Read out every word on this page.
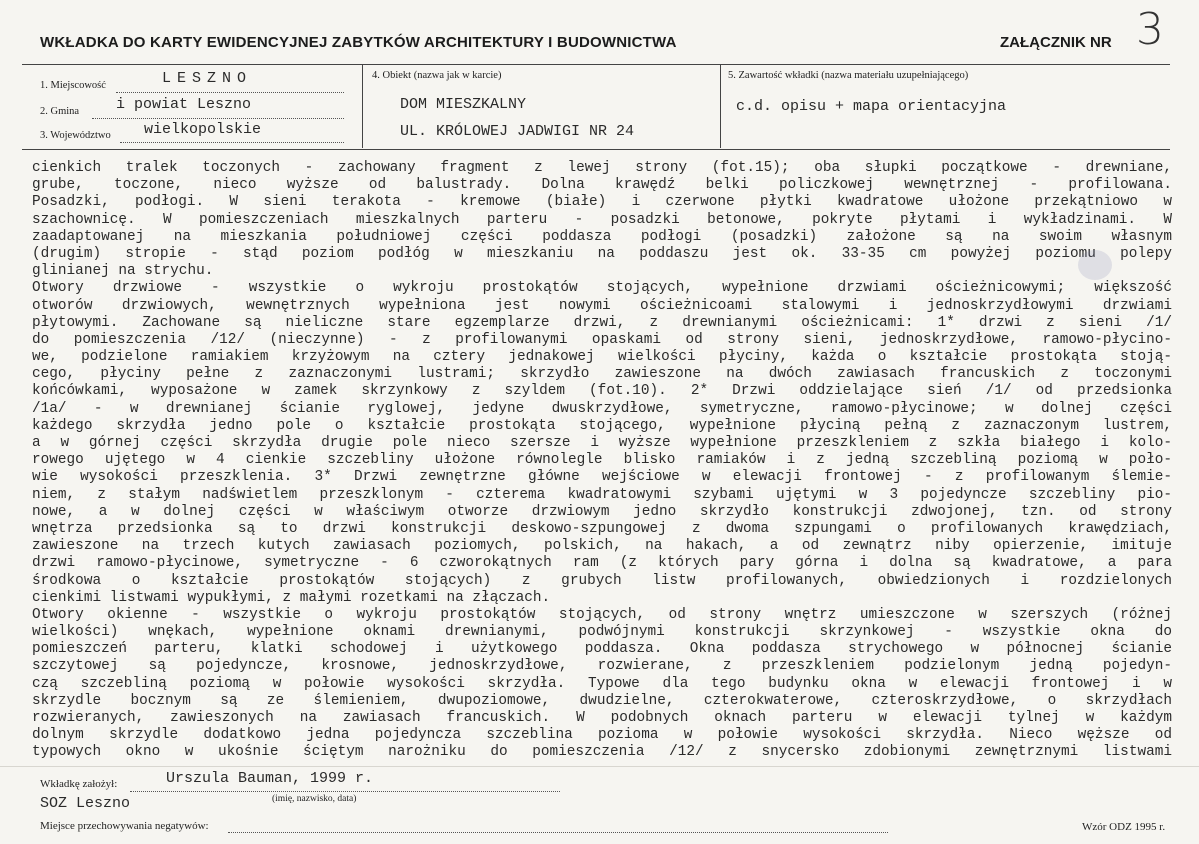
WKŁADKA DO KARTY EWIDENCYJNEJ ZABYTKÓW ARCHITEKTURY I BUDOWNICTWA	ZAŁĄCZNIK NR 3
1. Miejscowość	LESZNO
2. Gmina i powiat Leszno
3. Województwo wielkopolskie
4. Obiekt (nazwa jak w karcie)
DOM MIESZKALNY
UL. KRÓLOWEJ JADWIGI NR 24
5. Zawartość wkładki (nazwa materiału uzupełniającego)
c.d. opisu + mapa orientacyjna
cienkich tralek toczonych - zachowany fragment z lewej strony (fot.15); oba słupki początkowe - drewniane,
grube, toczone, nieco wyższe od balustrady. Dolna krawędź belki policzkowej wewnętrznej - profilowana.
Posadzki, podłogi. W sieni terakota - kremowe (białe) i czerwone płytki kwadratowe ułożone przekątniowo w
szachownicę. W pomieszczeniach mieszkalnych parteru - posadzki betonowe, pokryte płytami i wykładzinami. W
zaadaptowanej na mieszkania południowej części poddasza podłogi (posadzki) założone są na swoim własnym
(drugim) stropie - stąd poziom podłóg w mieszkaniu na poddaszu jest ok. 33-35 cm powyżej poziomu polepy
glinianej na strychu.
Otwory drzwiowe - wszystkie o wykroju prostokątów stojących, wypełnione drzwiami ościeżnicowymi; większość
otworów drzwiowych, wewnętrznych wypełniona jest nowymi ościeżnicoami stalowymi i jednoskrzydłowymi drzwiami
płytowymi. Zachowane są nieliczne stare egzemplarze drzwi, z drewnianymi ościeżnicami: 1* drzwi z sieni /1/
do pomieszczenia /12/ (nieczynne) - z profilowanymi opaskami od strony sieni, jednoskrzydłowe, ramowo-płycino-
we, podzielone ramiakiem krzyżowym na cztery jednakowej wielkości płyciny, każda o kształcie prostokąta stoją-
cego, płyciny pełne z zaznaczonymi lustrami; skrzydło zawieszone na dwóch zawiasach francuskich z toczonymi
końcówkami, wyposażone w zamek skrzynkowy z szyldem (fot.10). 2* Drzwi oddzielające sień /1/ od przedsionka
/1a/ - w drewnianej ścianie ryglowej, jedyne dwuskrzydłowe, symetryczne, ramowo-płycinowe; w dolnej części
każdego skrzydła jedno pole o kształcie prostokąta stojącego, wypełnione płyciną pełną z zaznaczonym lustrem,
a w górnej części skrzydła drugie pole nieco szersze i wyższe wypełnione przeszkleniem z szkła białego i kolo-
rowego ujętego w 4 cienkie szczebliny ułożone równolegle blisko ramiaków i z jedną szczebliną poziomą w poło-
wie wysokości przeszklenia. 3* Drzwi zewnętrzne główne wejściowe w elewacji frontowej - z profilowanym ślemie-
niem, z stałym nadświetlem przeszklonym - czterema kwadratowymi szybami ujętymi w 3 pojedyncze szczebliny pio-
nowe, a w dolnej części w właściwym otworze drzwiowym jedno skrzydło konstrukcji zdwojonej, tzn. od strony
wnętrza przedsionka są to drzwi konstrukcji deskowo-szpungowej z dwoma szpungami o profilowanych krawędziach,
zawieszone na trzech kutych zawiasach poziomych, polskich, na hakach, a od zewnątrz niby opierzenie, imituje
drzwi ramowo-płycinowe, symetryczne - 6 czworokątnych ram (z których pary górna i dolna są kwadratowe, a para
środkowa o kształcie prostokątów stojących) z grubych listw profilowanych, obwiedzionych i rozdzielonych
cienkimi listwami wypukłymi, z małymi rozetkami na złączach.
Otwory okienne - wszystkie o wykroju prostokątów stojących, od strony wnętrz umieszczone w szerszych (różnej
wielkości) wnękach, wypełnione oknami drewnianymi, podwójnymi konstrukcji skrzynkowej - wszystkie okna do
pomieszczeń parteru, klatki schodowej i użytkowego poddasza. Okna poddasza strychowego w północnej ścianie
szczytowej są pojedyncze, krosnowe, jednoskrzydłowe, rozwierane, z przeszkleniem podzielonym jedną pojedyn-
czą szczebliną poziomą w połowie wysokości skrzydła. Typowe dla tego budynku okna w elewacji frontowej i w
skrzydle bocznym są ze ślemieniem, dwupoziomowe, dwudzielne, czterokwaterowe, czteroskrzydłowe, o skrzydłach
rozwieranych, zawieszonych na zawiasach francuskich. W podobnych oknach parteru w elewacji tylnej w każdym
dolnym skrzydle dodatkowo jedna pojedyncza szczeblina pozioma w połowie wysokości skrzydła. Nieco węższe od
typowych okno w ukośnie ściętym narożniku do pomieszczenia /12/ z snycersko zdobionymi zewnętrznymi listwami
Wkładkę założył:	Urszula Bauman, 1999 r.
(imię, nazwisko, data)
SOZ Leszno
Miejsce przechowywania negatywów:	Wzór ODZ 1995 r.
